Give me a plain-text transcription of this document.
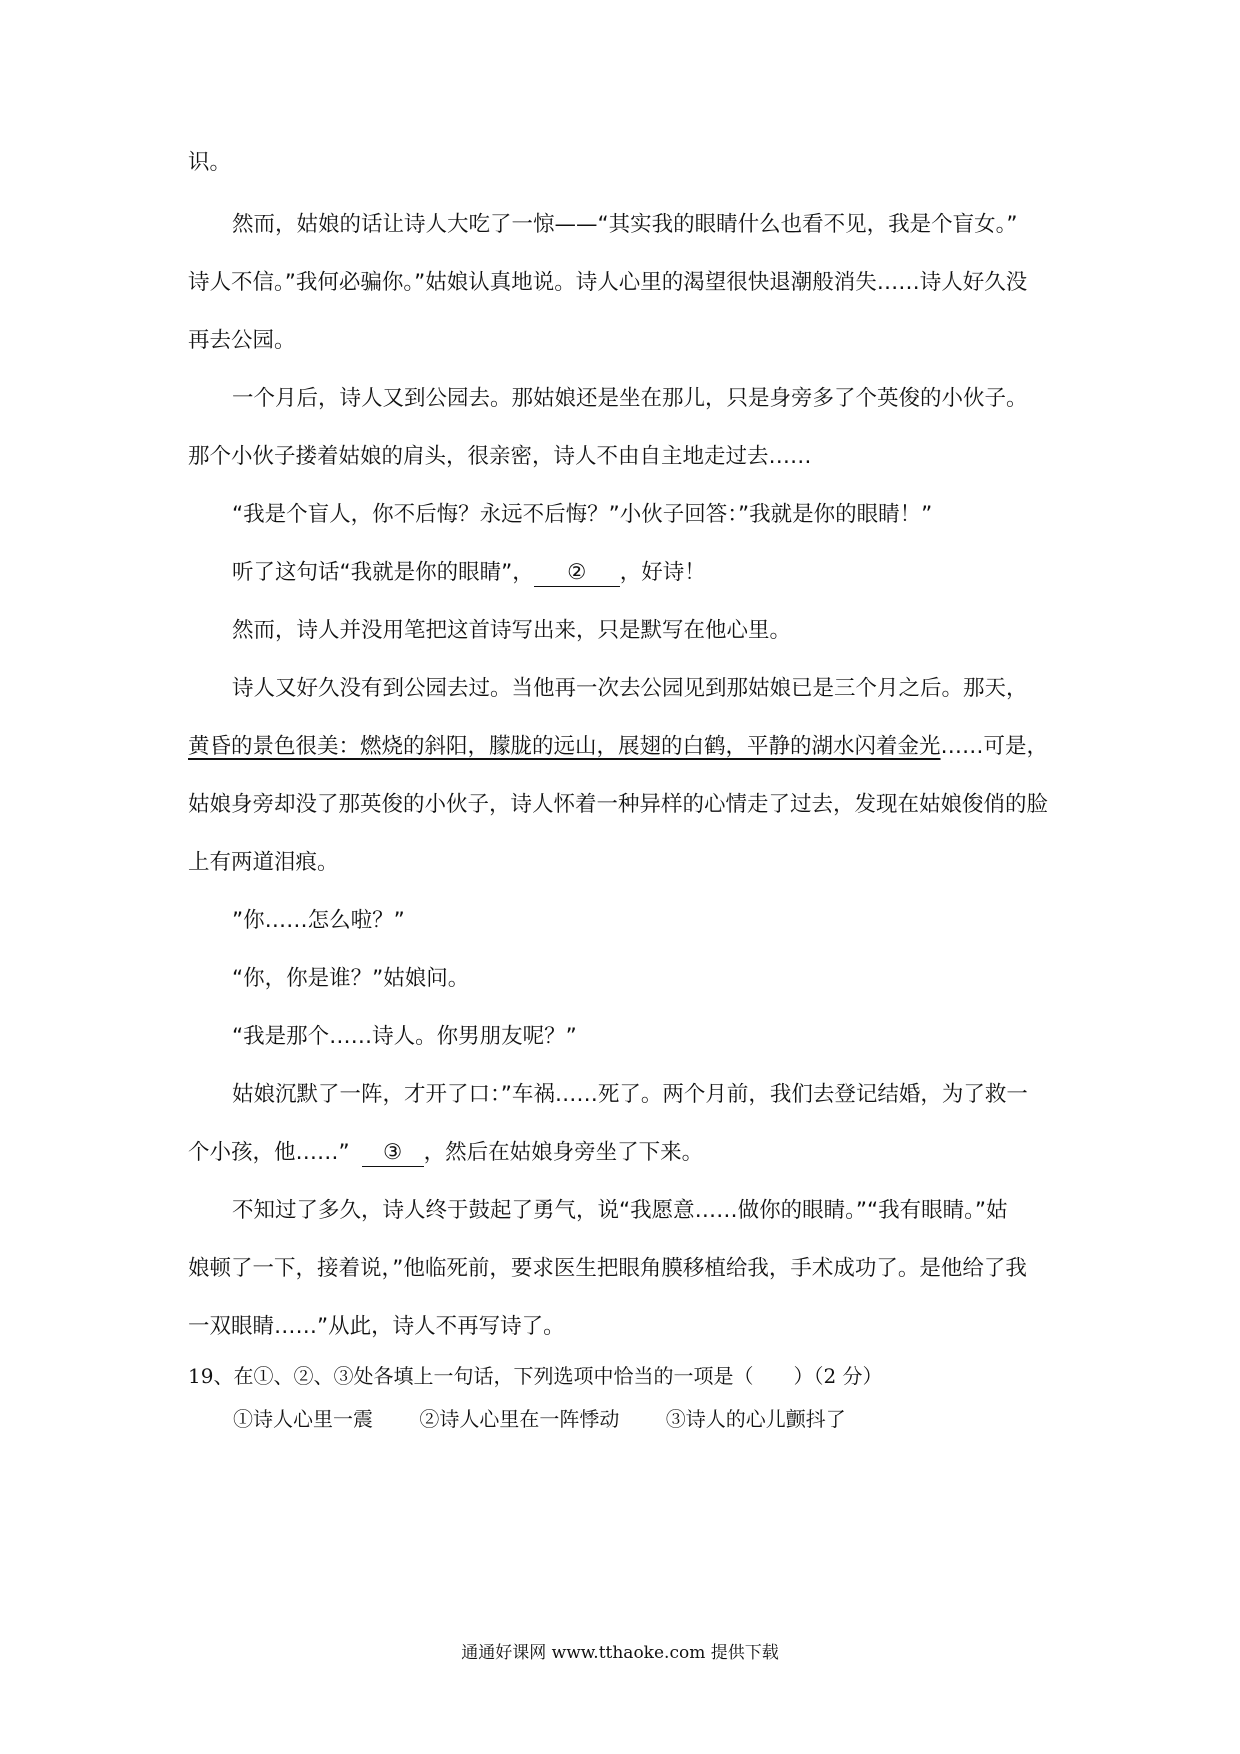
识。

然而，姑娘的话让诗人大吃了一惊——“其实我的眼睛什么也看不见，我是个盲女。”

诗人不信。”我何必骗你。”姑娘认真地说。诗人心里的渴望很快退潮般消失……诗人好久没

再去公园。

一个月后，诗人又到公园去。那姑娘还是坐在那儿，只是身旁多了个英俊的小伙子。

那个小伙子搂着姑娘的肩头，很亲密，诗人不由自主地走过去……

“我是个盲人，你不后悔？永远不后悔？”小伙子回答：”我就是你的眼睛！”

听了这句话“我就是你的眼睛”， ② ，好诗！

然而，诗人并没用笔把这首诗写出来，只是默写在他心里。

诗人又好久没有到公园去过。当他再一次去公园见到那姑娘已是三个月之后。那天，

黄昏的景色很美：燃烧的斜阳，朦胧的远山，展翅的白鹤，平静的湖水闪着金光……可是，

姑娘身旁却没了那英俊的小伙子，诗人怀着一种异样的心情走了过去，发现在姑娘俊俏的脸

上有两道泪痕。

”你……怎么啦？”

“你，你是谁？”姑娘问。

“我是那个……诗人。你男朋友呢？”

姑娘沉默了一阵，才开了口：”车祸……死了。两个月前，我们去登记结婚，为了救一

个小孩，他……” ③ ，然后在姑娘身旁坐了下来。

不知过了多久，诗人终于鼓起了勇气，说“我愿意……做你的眼睛。”“我有眼睛。”姑

娘顿了一下，接着说，”他临死前，要求医生把眼角膜移植给我，手术成功了。是他给了我

一双眼睛……”从此，诗人不再写诗了。

19、在①、②、③处各填上一句话，下列选项中恰当的一项是（　　）（2 分）
①诗人心里一震 ②诗人心里在一阵悸动 ③诗人的心儿颤抖了
通通好课网 www.tthaoke.com 提供下载
